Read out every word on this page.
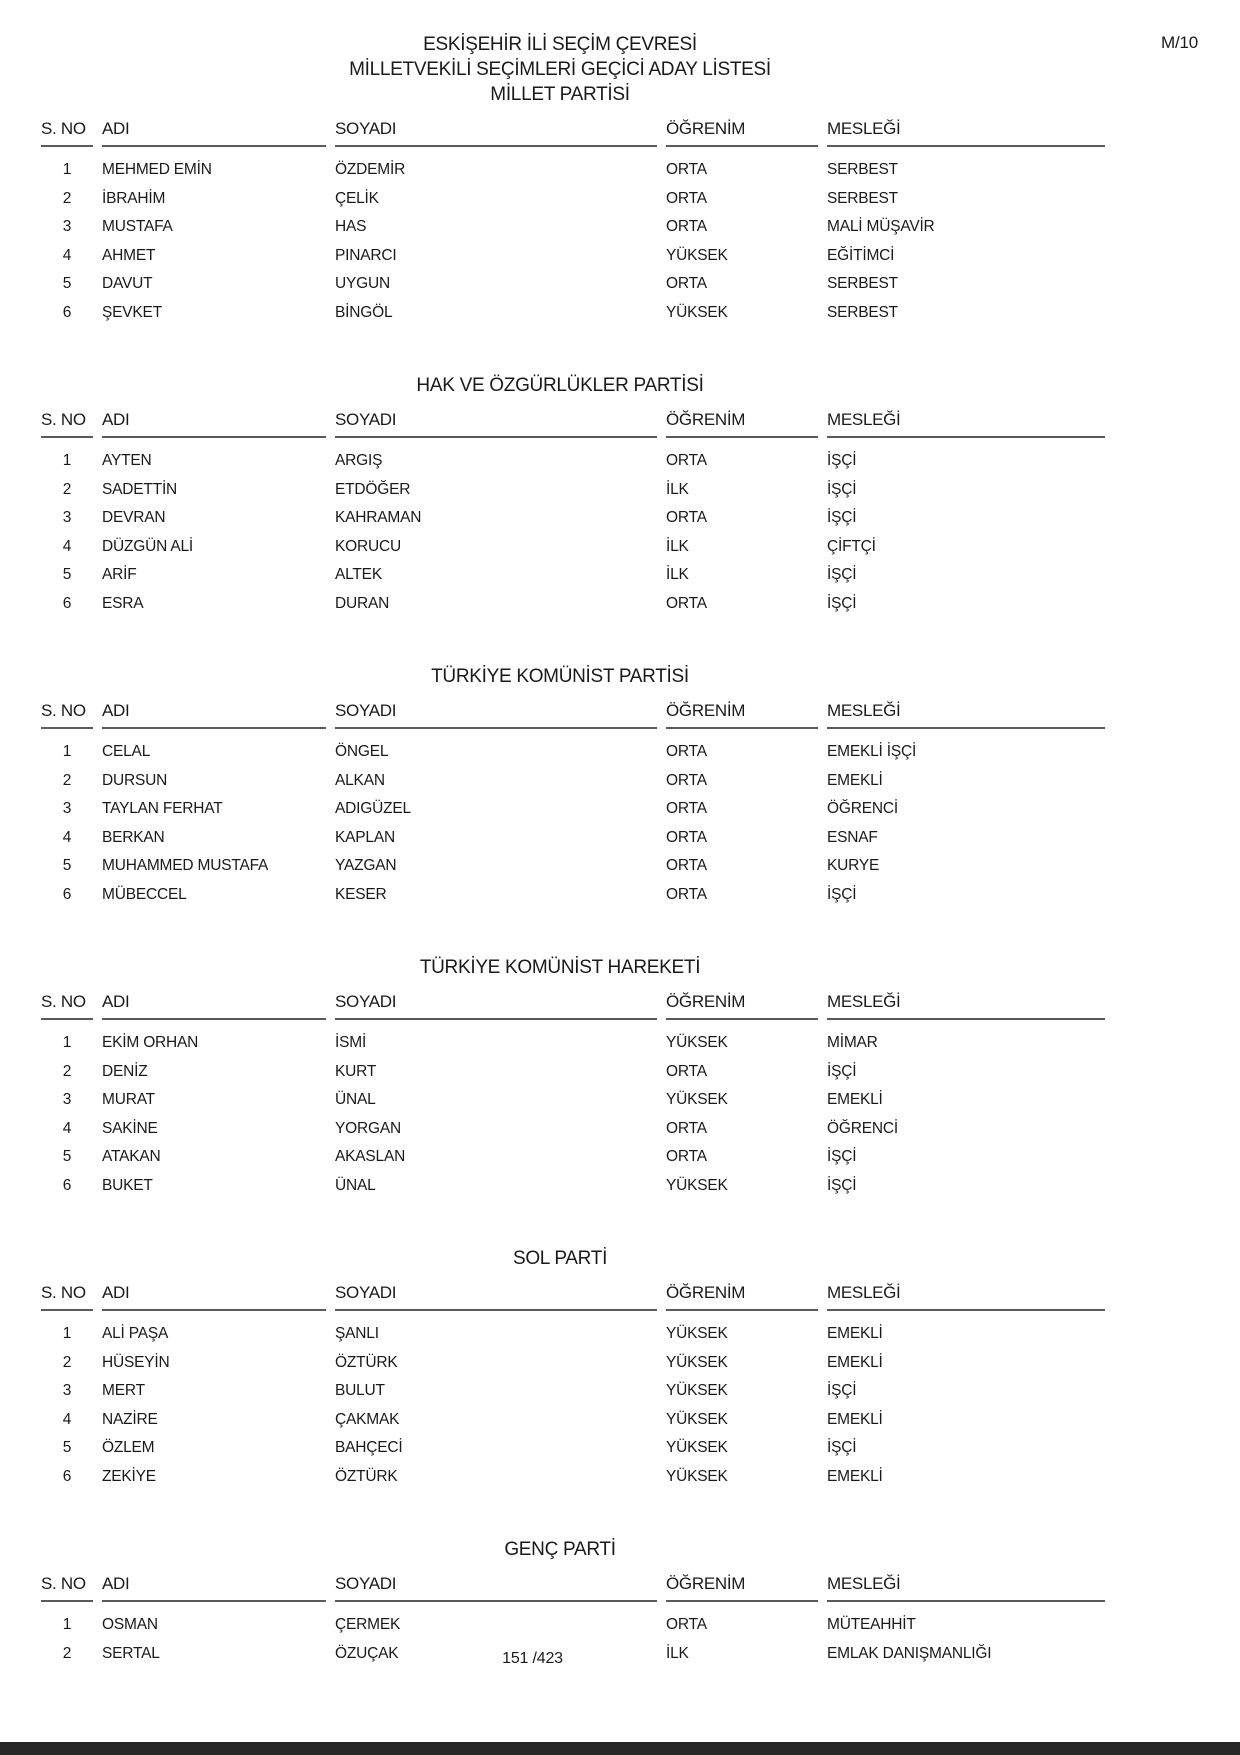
M/10
ESKİŞEHİR İLİ SEÇİM ÇEVRESİ
MİLLETVEKİLİ SEÇİMLERİ GEÇİCİ ADAY LİSTESİ
MİLLET PARTİSİ
S. NO	ADI	SOYADI	ÖĞRENİM	MESLEĞİ
1	MEHMED EMİN	ÖZDEMİR	ORTA	SERBEST
2	İBRAHİM	ÇELİK	ORTA	SERBEST
3	MUSTAFA	HAS	ORTA	MALİ MÜŞAVİR
4	AHMET	PINARCI	YÜKSEK	EĞİTİMCİ
5	DAVUT	UYGUN	ORTA	SERBEST
6	ŞEVKET	BİNGÖL	YÜKSEK	SERBEST
HAK VE ÖZGÜRLÜKLER PARTİSİ
S. NO	ADI	SOYADI	ÖĞRENİM	MESLEĞİ
1	AYTEN	ARGIŞ	ORTA	İŞÇİ
2	SADETTİN	ETDÖĞER	İLK	İŞÇİ
3	DEVRAN	KAHRAMAN	ORTA	İŞÇİ
4	DÜZGÜN ALİ	KORUCU	İLK	ÇİFTÇİ
5	ARİF	ALTEK	İLK	İŞÇİ
6	ESRA	DURAN	ORTA	İŞÇİ
TÜRKİYE KOMÜNİST PARTİSİ
S. NO	ADI	SOYADI	ÖĞRENİM	MESLEĞİ
1	CELAL	ÖNGEL	ORTA	EMEKLİ İŞÇİ
2	DURSUN	ALKAN	ORTA	EMEKLİ
3	TAYLAN FERHAT	ADIGÜZEL	ORTA	ÖĞRENCİ
4	BERKAN	KAPLAN	ORTA	ESNAF
5	MUHAMMED MUSTAFA	YAZGAN	ORTA	KURYE
6	MÜBECCEL	KESER	ORTA	İŞÇİ
TÜRKİYE KOMÜNİST HAREKETİ
S. NO	ADI	SOYADI	ÖĞRENİM	MESLEĞİ
1	EKİM ORHAN	İSMİ	YÜKSEK	MİMAR
2	DENİZ	KURT	ORTA	İŞÇİ
3	MURAT	ÜNAL	YÜKSEK	EMEKLİ
4	SAKİNE	YORGAN	ORTA	ÖĞRENCİ
5	ATAKAN	AKASLAN	ORTA	İŞÇİ
6	BUKET	ÜNAL	YÜKSEK	İŞÇİ
SOL PARTİ
S. NO	ADI	SOYADI	ÖĞRENİM	MESLEĞİ
1	ALİ PAŞA	ŞANLI	YÜKSEK	EMEKLİ
2	HÜSEYİN	ÖZTÜRK	YÜKSEK	EMEKLİ
3	MERT	BULUT	YÜKSEK	İŞÇİ
4	NAZİRE	ÇAKMAK	YÜKSEK	EMEKLİ
5	ÖZLEM	BAHÇECİ	YÜKSEK	İŞÇİ
6	ZEKİYE	ÖZTÜRK	YÜKSEK	EMEKLİ
GENÇ PARTİ
S. NO	ADI	SOYADI	ÖĞRENİM	MESLEĞİ
1	OSMAN	ÇERMEK	ORTA	MÜTEAHHİT
2	SERTAL	ÖZUÇAK	İLK	EMLAK DANIŞMANLIĞI
151 /423
